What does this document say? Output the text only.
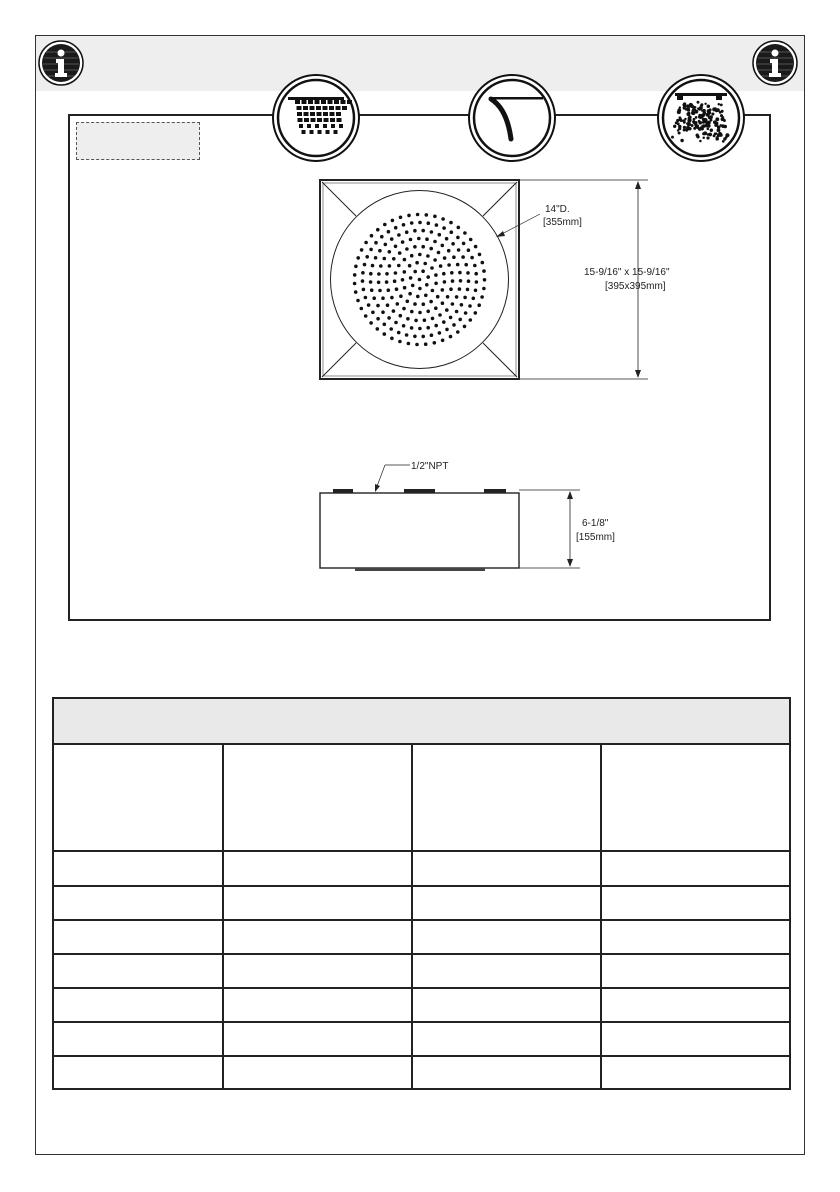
14"D.
[355mm]
15-9/16" x 15-9/16"
[395x395mm]
1/2"NPT
6-1/8"
[155mm]
